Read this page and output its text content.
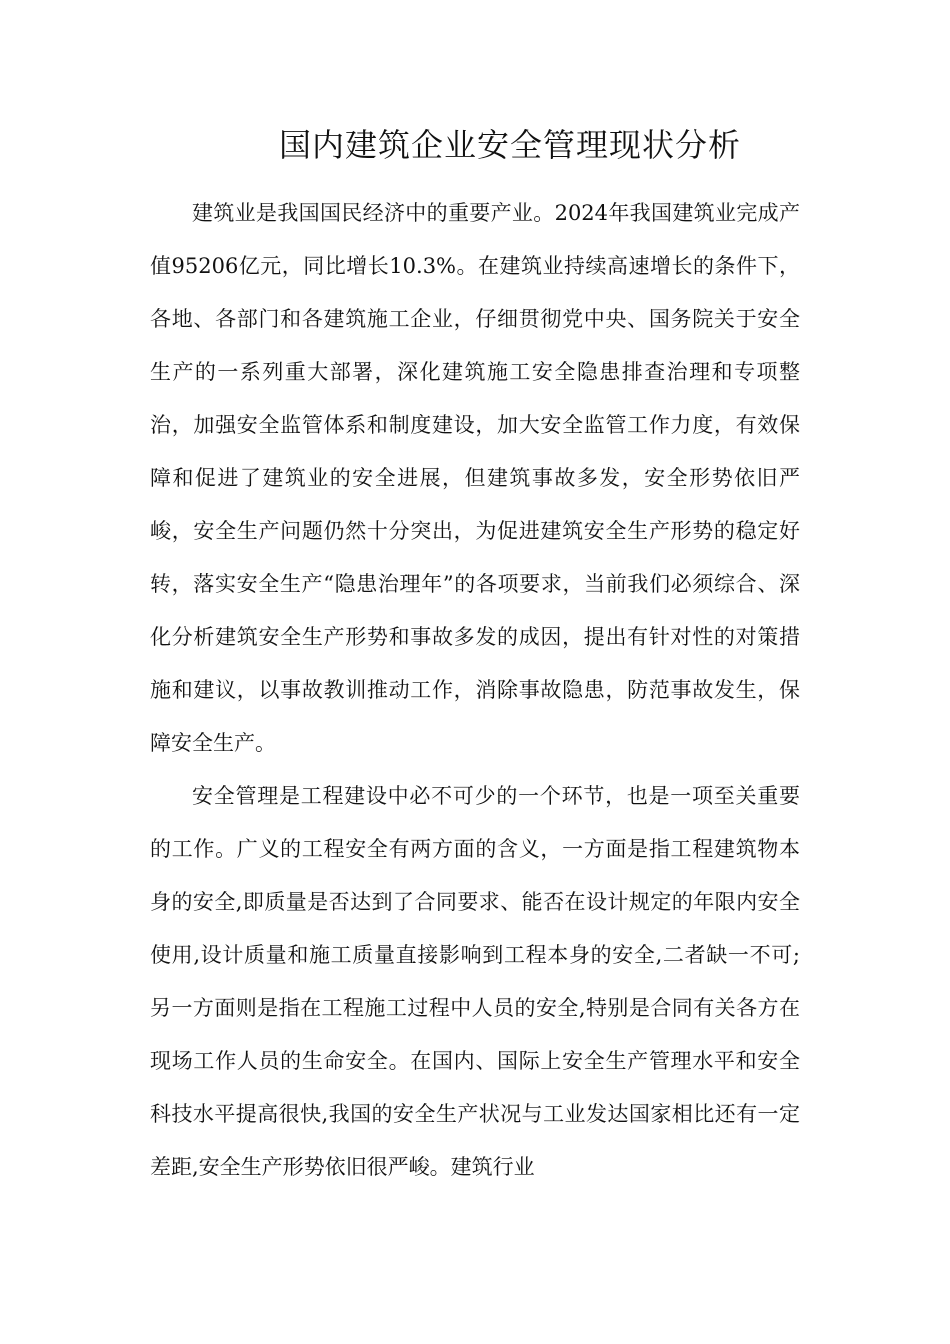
国内建筑企业安全管理现状分析

建筑业是我国国民经济中的重要产业。2024年我国建筑业完成产值95206亿元，同比增长10.3%。在建筑业持续高速增长的条件下，各地、各部门和各建筑施工企业，仔细贯彻党中央、国务院关于安全生产的一系列重大部署，深化建筑施工安全隐患排查治理和专项整治，加强安全监管体系和制度建设，加大安全监管工作力度，有效保障和促进了建筑业的安全进展，但建筑事故多发，安全形势依旧严峻，安全生产问题仍然十分突出，为促进建筑安全生产形势的稳定好转，落实安全生产“隐患治理年”的各项要求，当前我们必须综合、深化分析建筑安全生产形势和事故多发的成因，提出有针对性的对策措施和建议，以事故教训推动工作，消除事故隐患，防范事故发生，保障安全生产。

安全管理是工程建设中必不可少的一个环节，也是一项至关重要的工作。广义的工程安全有两方面的含义，一方面是指工程建筑物本身的安全,即质量是否达到了合同要求、能否在设计规定的年限内安全使用,设计质量和施工质量直接影响到工程本身的安全,二者缺一不可;另一方面则是指在工程施工过程中人员的安全,特别是合同有关各方在现场工作人员的生命安全。在国内、国际上安全生产管理水平和安全科技水平提高很快,我国的安全生产状况与工业发达国家相比还有一定差距,安全生产形势依旧很严峻。建筑行业
